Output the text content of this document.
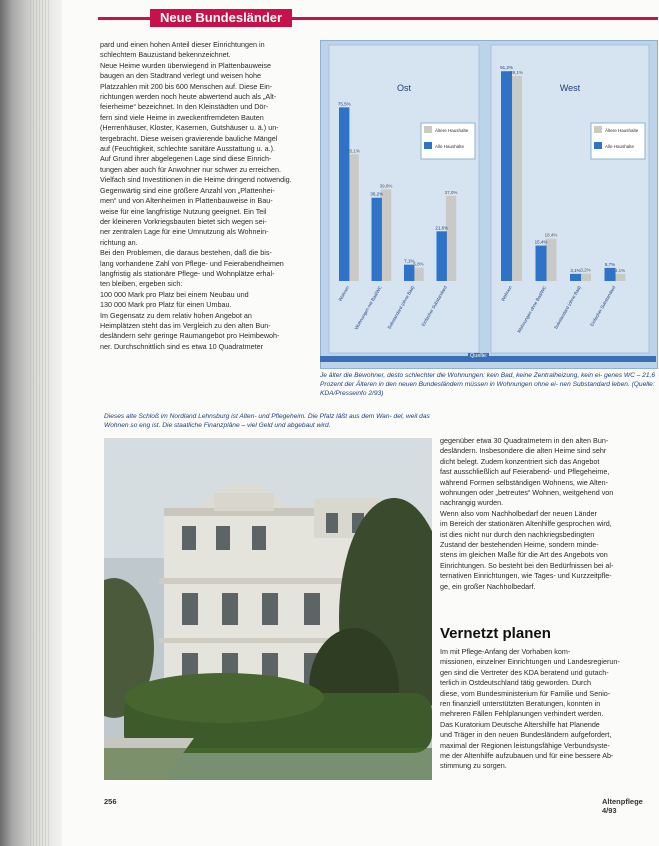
Neue Bundesländer
pard und einen hohen Anteil dieser Einrichtungen in
schlechtem Bauzustand bekennzeichnet.
Neue Heime wurden überwiegend in Plattenbauweise
baugen an den Stadtrand verlegt und weisen hohe
Platzzahlen mit 200 bis 600 Menschen auf. Diese Ein-
richtungen werden noch heute abwertend auch als „Alt-
feierheime“ bezeichnet. In den Kleinstädten und Dör-
fern sind viele Heime in zweckentfremdeten Bauten
(Herrenhäuser, Kloster, Kasernen, Gutshäuser u. ä.) un-
tergebracht. Diese weisen gravierende bauliche Mängel
auf (Feuchtigkeit, schlechte sanitäre Ausstattung u. a.).
Auf Grund ihrer abgelegenen Lage sind diese Einrich-
tungen aber auch für Anwohner nur schwer zu erreichen.
Vielfach sind Investitionen in die Heime dringend notwendig.
Gegenwärtig sind eine größere Anzahl von „Plattenhei-
men“ und von Altenheimen in Plattenbauweise in Bau-
weise für eine langfristige Nutzung geeignet. Ein Teil
der kleineren Vorkriegsbauten bietet sich wegen sei-
ner zentralen Lage für eine Umnutzung als Wohnein-
richtung an.
Bei den Problemen, die daraus bestehen, daß die bis-
lang vorhandene Zahl von Pflege- und Feierabendheimen
langfristig als stationäre Pflege- und Wohnplätze erhal-
ten bleiben, ergeben sich:
100 000 Mark pro Platz bei einem Neubau und
130 000 Mark pro Platz für einen Umbau.
Im Gegensatz zu dem relativ hohen Angebot an
Heimplätzen steht das im Vergleich zu den alten Bun-
desländern sehr geringe Raumangebot pro Heimbewoh-
ner. Durchschnittlich sind es etwa 10 Quadratmeter
Ost
Ältere Haushalte
Alle Haushalte
75,5%
55,1%
Wohnen
36,2%
39,8%
Wohnungen mit Bad/WC
7,1%
5,8%
Substandard (ohne Bad)
21,6%
37,0%
Einfacher Substandard
West
Ältere Haushalte
Alle Haushalte
91,2%
89,1%
Wohnen
15,4%
18,4%
Wohnungen ohne Bad/WC
3,1% 3,2%
Substandard (ohne Bad)
5,7%
3,1%
Einfacher Substandard
Quelle:
Je älter die Bewohner, desto schlechter die Wohnungen: kein Bad, keine Zentralheizung, kein ei- genes WC – 21,6 Prozent der Älteren in den neuen Bundesländern müssen in Wohnungen ohne ei- nen Substandard leben. (Quelle: KDA/Presseinfo 2/93)
Dieses alte Schloß im Nordland Lehnsburg ist Alten- und Pflegeheim. Die Pfalz läßt aus dem Wan- del, weil das Wohnen so eng ist. Die staatliche Finanzpläne – viel Geld und abgebaut wird.
gegenüber etwa 30 Quadratmetern in den alten Bun-
desländern. Insbesondere die alten Heime sind sehr
dicht belegt. Zudem konzentriert sich das Angebot
fast ausschließlich auf Feierabend- und Pflegeheime,
während Formen selbständigen Wohnens, wie Alten-
wohnungen oder „betreutes“ Wohnen, weitgehend von
nachrangig wurden.
Wenn also vom Nachholbedarf der neuen Länder
im Bereich der stationären Altenhilfe gesprochen wird,
ist dies nicht nur durch den nachkriegsbedingten
Zustand der bestehenden Heime, sondern minde-
stens im gleichen Maße für die Art des Angebots von
Einrichtungen. So besteht bei den Bedürfnissen bei al-
ternativen Einrichtungen, wie Tages- und Kurzzeitpfle-
ge, ein großer Nachholbedarf.
Vernetzt planen
Im mit Pflege-Anfang der Vorhaben kom-
missionen, einzelner Einrichtungen und Landesregierun-
gen sind die Vertreter des KDA beratend und gutach-
terlich in Ostdeutschland tätig geworden. Durch
diese, vom Bundesministerium für Familie und Senio-
ren finanziell unterstützten Beratungen, konnten in
mehreren Fällen Fehlplanungen verhindert werden.
Das Kuratorium Deutsche Altershilfe hat Planende
und Träger in den neuen Bundesländern aufgefordert,
maximal der Regionen leistungsfähige Verbundsyste-
me der Altenhilfe aufzubauen und für eine bessere Ab-
stimmung zu sorgen.
256	Altenpflege 4/93
